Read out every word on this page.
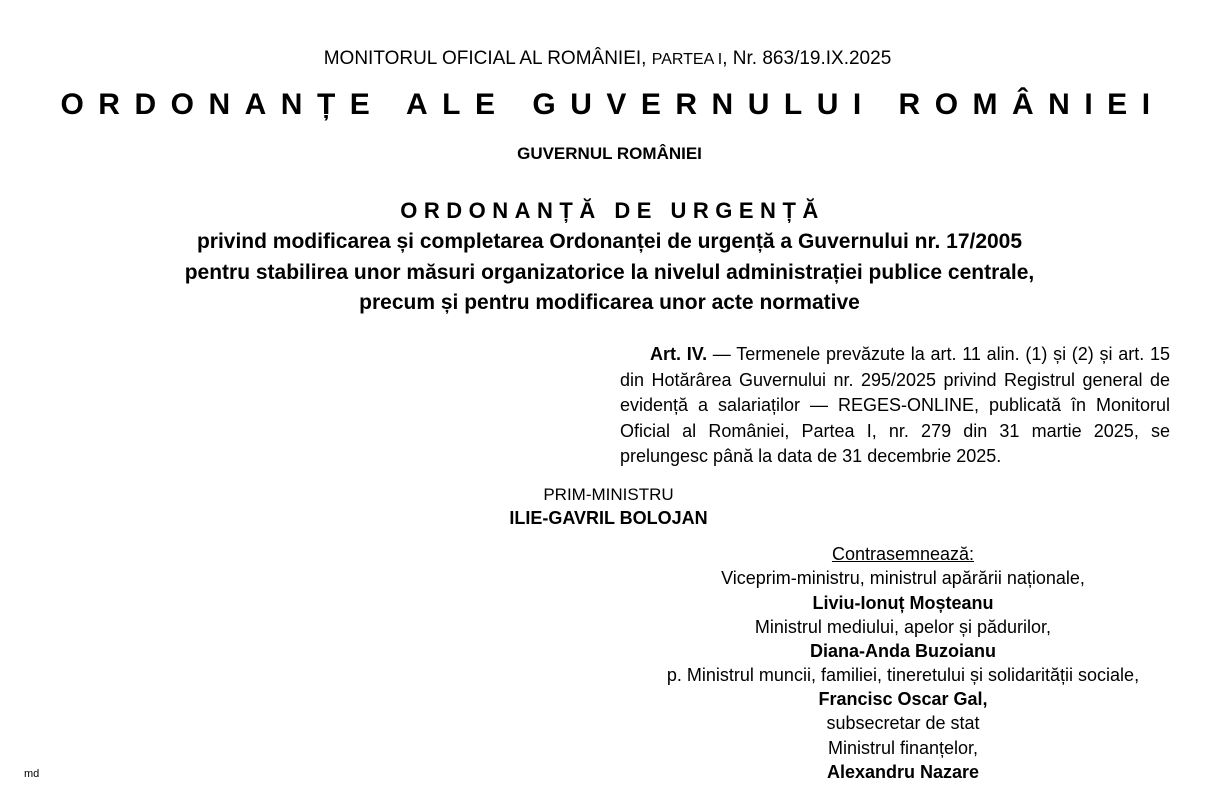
MONITORUL OFICIAL AL ROMÂNIEI, PARTEA I, Nr. 863/19.IX.2025
ORDONANȚE ALE GUVERNULUI ROMÂNIEI
GUVERNUL ROMÂNIEI
ORDONANȚĂ DE URGENȚĂ
privind modificarea și completarea Ordonanței de urgență a Guvernului nr. 17/2005
pentru stabilirea unor măsuri organizatorice la nivelul administrației publice centrale,
precum și pentru modificarea unor acte normative
Art. IV. — Termenele prevăzute la art. 11 alin. (1) și (2) și art. 15 din Hotărârea Guvernului nr. 295/2025 privind Registrul general de evidență a salariaților — REGES-ONLINE, publicată în Monitorul Oficial al României, Partea I, nr. 279 din 31 martie 2025, se prelungesc până la data de 31 decembrie 2025.
PRIM-MINISTRU
ILIE-GAVRIL BOLOJAN
Contrasemnează:
Viceprim-ministru, ministrul apărării naționale,
Liviu-Ionuț Moșteanu
Ministrul mediului, apelor și pădurilor,
Diana-Anda Buzoianu
p. Ministrul muncii, familiei, tineretului și solidarității sociale,
Francisc Oscar Gal,
subsecretar de stat
Ministrul finanțelor,
Alexandru Nazare
md
